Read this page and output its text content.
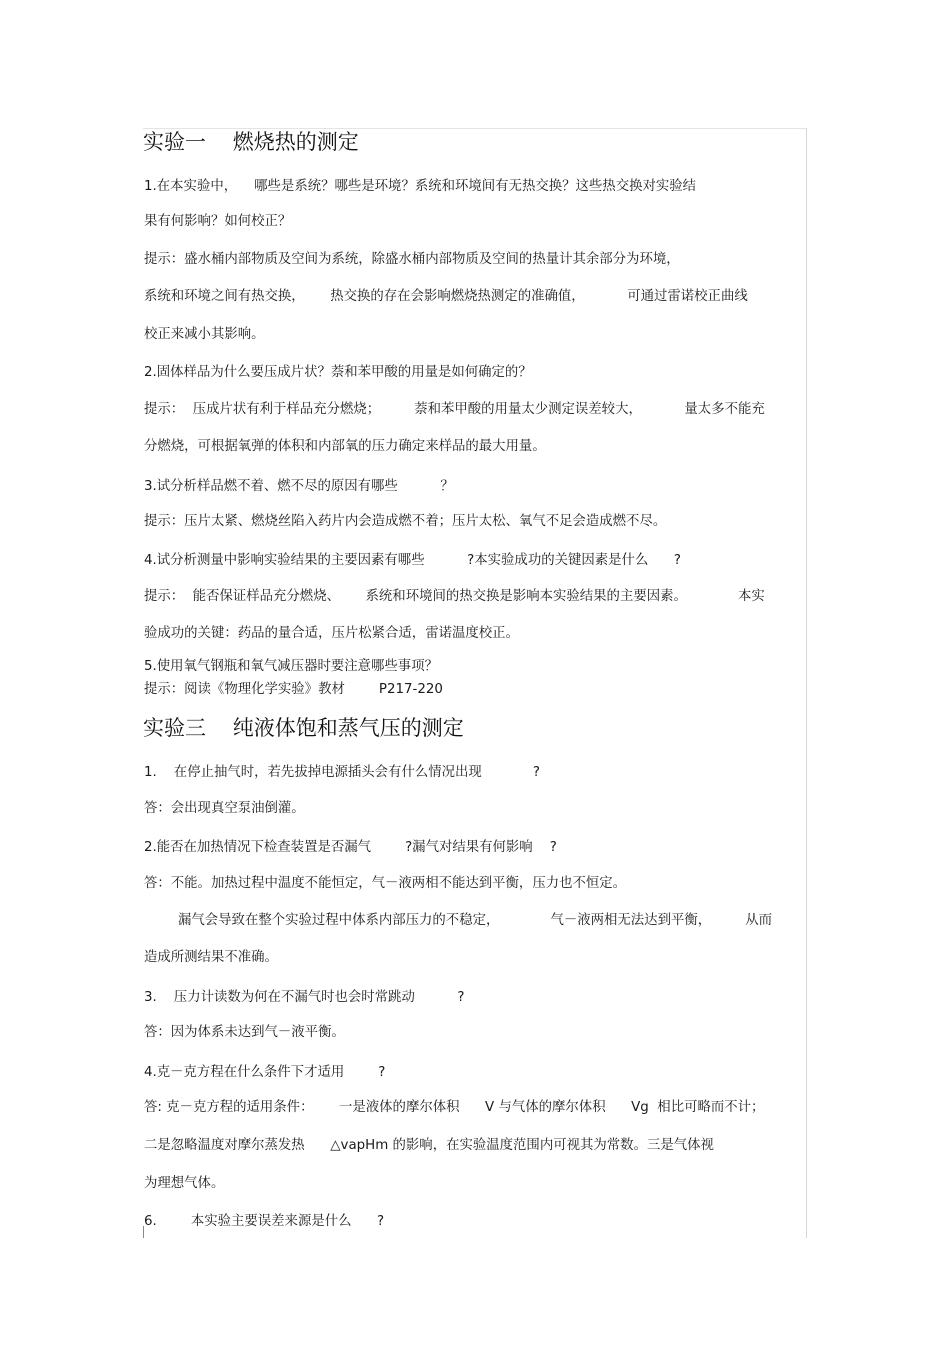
实验一    燃烧热的测定
1.在本实验中，    哪些是系统？哪些是环境？系统和环境间有无热交换？这些热交换对实验结
果有何影响？如何校正？
提示：盛水桶内部物质及空间为系统，除盛水桶内部物质及空间的热量计其余部分为环境，
系统和环境之间有热交换，      热交换的存在会影响燃烧热测定的准确值，          可通过雷诺校正曲线
校正来减小其影响。
2.固体样品为什么要压成片状？萘和苯甲酸的用量是如何确定的？
提示：  压成片状有利于样品充分燃烧；        萘和苯甲酸的用量太少测定误差较大，          量太多不能充
分燃烧，可根据氧弹的体积和内部氧的压力确定来样品的最大用量。
3.试分析样品燃不着、燃不尽的原因有哪些          ？
提示：压片太紧、燃烧丝陷入药片内会造成燃不着；压片太松、氧气不足会造成燃不尽。
4.试分析测量中影响实验结果的主要因素有哪些          ?本实验成功的关键因素是什么      ?
提示：  能否保证样品充分燃烧、      系统和环境间的热交换是影响本实验结果的主要因素。            本实
验成功的关键：药品的量合适，压片松紧合适，雷诺温度校正。
5.使用氧气钢瓶和氧气减压器时要注意哪些事项？
提示：阅读《物理化学实验》教材        P217-220
实验三    纯液体饱和蒸气压的测定
1.    在停止抽气时，若先拔掉电源插头会有什么情况出现            ?
答：会出现真空泵油倒灌。
2.能否在加热情况下检查装置是否漏气        ?漏气对结果有何影响    ?
答：不能。加热过程中温度不能恒定，气－液两相不能达到平衡，压力也不恒定。
漏气会导致在整个实验过程中体系内部压力的不稳定，            气－液两相无法达到平衡，        从而
造成所测结果不准确。
3.    压力计读数为何在不漏气时也会时常跳动          ?
答：因为体系未达到气－液平衡。
4.克－克方程在什么条件下才适用        ?
答: 克－克方程的适用条件：      一是液体的摩尔体积      V 与气体的摩尔体积      Vg  相比可略而不计；
二是忽略温度对摩尔蒸发热      △vapHm 的影响，在实验温度范围内可视其为常数。三是气体视
为理想气体。
6.        本实验主要误差来源是什么      ?
